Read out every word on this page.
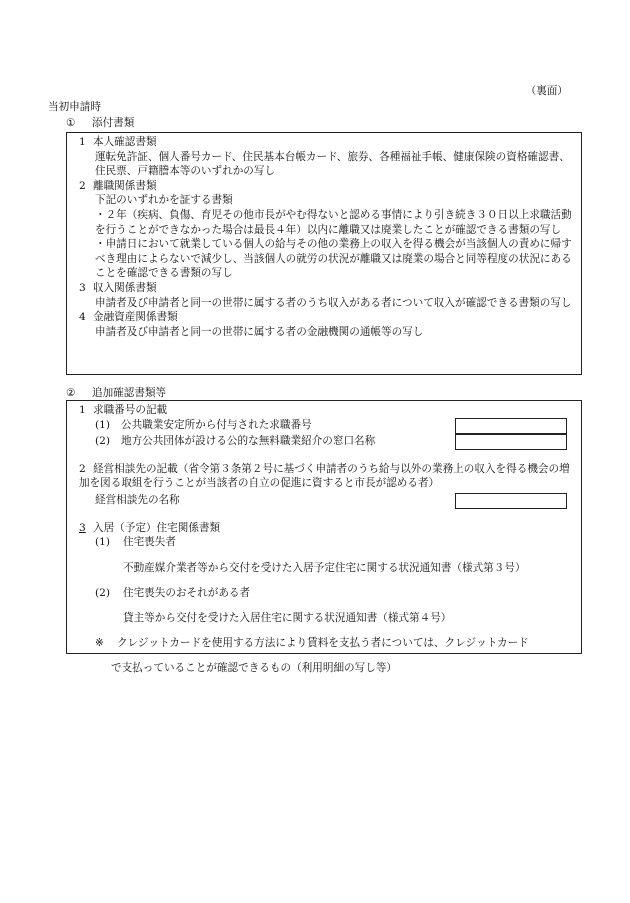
（裏面）
当初申請時
① 添付書類

1 本人確認書類

運転免許証、個人番号カード、住民基本台帳カード、旅券、各種福祉手帳、健康保険の資格確認書、住民票、戸籍謄本等のいずれかの写し

2 離職関係書類

下記のいずれかを証する書類

・２年（疾病、負傷、育児その他市長がやむ得ないと認める事情により引き続き３０日以上求職活動を行うことができなかった場合は最長４年）以内に離職又は廃業したことが確認できる書類の写し

・申請日において就業している個人の給与その他の業務上の収入を得る機会が当該個人の責めに帰すべき理由によらないで減少し、当該個人の就労の状況が離職又は廃業の場合と同等程度の状況にあることを確認できる書類の写し

3 収入関係書類

申請者及び申請者と同一の世帯に属する者のうち収入がある者について収入が確認できる書類の写し

4 金融資産関係書類

申請者及び申請者と同一の世帯に属する者の金融機関の通帳等の写し

② 追加確認書類等

1 求職番号の記載

(1) 公共職業安定所から付与された求職番号
(2) 地方公共団体が設ける公的な無料職業紹介の窓口名称

2 経営相談先の記載（省令第３条第２号に基づく申請者のうち給与以外の業務上の収入を得る機会の増加を図る取組を行うことが当該者の自立の促進に資すると市長が認める者）

経営相談先の名称

3 入居（予定）住宅関係書類

(1) 住宅喪失者

不動産媒介業者等から交付を受けた入居予定住宅に関する状況通知書（様式第３号）

(2) 住宅喪失のおそれがある者

貸主等から交付を受けた入居住宅に関する状況通知書（様式第４号）

※ クレジットカードを使用する方法により賃料を支払う者については、クレジットカード

で支払っていることが確認できるもの（利用明細の写し等）
